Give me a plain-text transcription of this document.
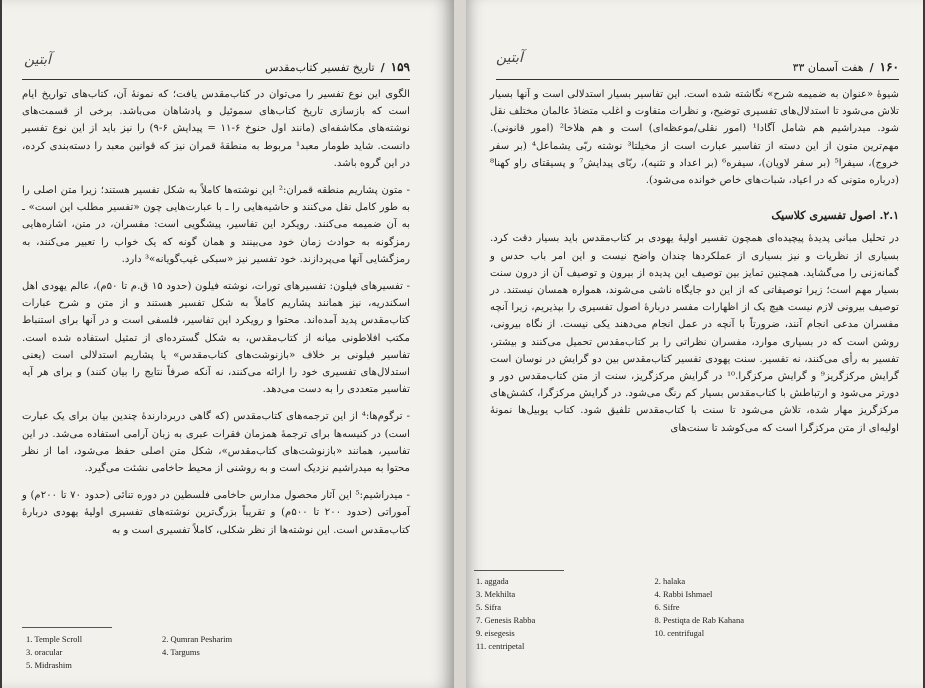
آبتین	۱۵۹
/
تاریخ تفسیر کتاب‌مقدس

الگوی این نوع تفسیر را می‌توان در کتاب‌مقدس یافت؛ که نمونهٔ آن، کتاب‌های تواریخ ایام است که بازسازی تاریخ کتاب‌های سموئیل و پادشاهان می‌باشد. برخی از قسمت‌های نوشته‌های مکاشفه‌ای (مانند اول حنوخ ۶-۱۱ = پیدایش ۶-۹) را نیز باید از این نوع تفسیر دانست. شاید طومار معبد¹ مربوط به منطقهٔ قمران نیز که قوانین معبد را دسته‌بندی کرده، در این گروه باشد.

- متون پشاریم منطقه قمران:² این نوشته‌ها کاملاً به شکل تفسیر هستند؛ زیرا متن اصلی را به طور کامل نقل می‌کنند و حاشیه‌هایی را ـ با عبارت‌هایی چون «تفسیر مطلب این است» ـ به آن ضمیمه می‌کنند. رویکرد این تفاسیر، پیشگویی است: مفسران، در متن، اشاره‌هایی رمزگونه به حوادث زمان خود می‌بینند و همان گونه که یک خواب را تعبیر می‌کنند، به رمزگشایی آنها می‌پردازند. خود تفسیر نیز «سبکی غیب‌گویانه»³ دارد.

- تفسیرهای فیلون: تفسیرهای تورات، نوشته فیلون (حدود ۱۵ ق.م تا ۵۰م)، عالم یهودی اهل اسکندریه، نیز همانند پشاریم کاملاً به شکل تفسیر هستند و از متن و شرح عبارات کتاب‌مقدس پدید آمده‌اند. محتوا و رویکرد این تفاسیر، فلسفی است و در آنها برای استنباط مکتب افلاطونی میانه از کتاب‌مقدس، به شکل گسترده‌ای از تمثیل استفاده شده است. تفاسیر فیلونی بر خلاف «بازنوشت‌های کتاب‌مقدس» یا پشاریم استدلالی است (یعنی استدلال‌های تفسیری خود را ارائه می‌کنند، نه آنکه صرفاً نتایج را بیان کنند) و برای هر آیه تفاسیر متعددی را به دست می‌دهد.

- ترگوم‌ها:⁴ از این ترجمه‌های کتاب‌مقدس (که گاهی دربردارندهٔ چندین بیان برای یک عبارت است) در کنیسه‌ها برای ترجمهٔ همزمان فقرات عبری به زبان آرامی استفاده می‌شد. در این تفاسیر، همانند «بازنوشت‌های کتاب‌مقدس»، شکل متن اصلی حفظ می‌شود، اما از نظر محتوا به میدراشیم نزدیک است و به روشنی از محیط حاخامی نشئت می‌گیرد.

- میدراشیم:⁵ این آثار محصول مدارس حاخامی فلسطین در دوره تنائی (حدود ۷۰ تا ۲۰۰م) و آموراتی (حدود ۲۰۰ تا ۵۰۰م) و تقریباً بزرگ‌ترین نوشته‌های تفسیری اولیهٔ یهودی دربارهٔ کتاب‌مقدس است. این نوشته‌ها از نظر شکلی، کاملاً تفسیری است و به

1. Temple Scroll	2. Qumran Pesharim
3. oracular	4. Targums
5. Midrashim
آبتین
۱۶۰
/
هفت آسمان ۳۳

شیوهٔ «عنوان به ضمیمه شرح» نگاشته شده است. این تفاسیر بسیار استدلالی است و آنها بسیار تلاش می‌شود تا استدلال‌های تفسیری توضیح، و نظرات متفاوت و اغلب متضادٔ عالمان مختلف نقل شود. میدراشیم هم شامل آگادا¹ (امور نقلی/موعظه‌ای) است و هم هلاخا² (امور قانونی). مهم‌ترین متون از این دسته از تفاسیر عبارت است از مخیلتا³ نوشته ربّی یشماعل⁴ (بر سفر خروج)، سیفرا⁵ (بر سفر لاویان)، سیفره⁶ (بر اعداد و تثنیه)، ربّای پیدایش⁷ و پسیقتای راو کهنا⁸ (درباره متونی که در اعیاد، شبات‌های خاص خوانده می‌شود).

۲.۱. اصول تفسیری کلاسیک

در تحلیل مبانی پدیدهٔ پیچیده‌ای همچون تفسیر اولیهٔ یهودی بر کتاب‌مقدس باید بسیار دقت کرد. بسیاری از نظریات و نیز بسیاری از عملکردها چندان واضح نیست و این امر باب حدس و گمانه‌زنی را می‌گشاید. همچنین تمایز بین توصیف این پدیده از بیرون و توصیف آن از درون سنت بسیار مهم است؛ زیرا توصیفاتی که از این دو جایگاه ناشی می‌شوند، همواره همسان نیستند. در توصیف بیرونی لازم نیست هیچ یک از اظهارات مفسر دربارهٔ اصول تفسیری را بپذیریم، زیرا آنچه مفسران مدعی انجام آنند، ضرورتاً با آنچه در عمل انجام می‌دهند یکی نیست. از نگاه بیرونی، روشن است که در بسیاری موارد، مفسران نظراتی را بر کتاب‌مقدس تحمیل می‌کنند و بیشتر، تفسیر به رأی می‌کنند، نه تفسیر. سنت یهودی تفسیر کتاب‌مقدس بین دو گرایش در نوسان است گرایش مرکزگریز⁹ و گرایش مرکزگرا.¹⁰ در گرایش مرکزگریز، سنت از متن کتاب‌مقدس دور و دورتر می‌شود و ارتباطش با کتاب‌مقدس بسیار کم رنگ می‌شود. در گرایش مرکزگرا، کشش‌های مرکزگریز مهار شده، تلاش می‌شود تا سنت با کتاب‌مقدس تلفیق شود. کتاب یوبیل‌ها نمونهٔ اولیه‌ای از متن مرکزگرا است که می‌کوشد تا سنت‌های

1. aggada	2. halaka
3. Mekhilta	4. Rabbi Ishmael
5. Sifra	6. Sifre
7. Genesis Rabba	8. Pestiqta de Rab Kahana
9. eisegesis	10. centrifugal
11. centripetal
